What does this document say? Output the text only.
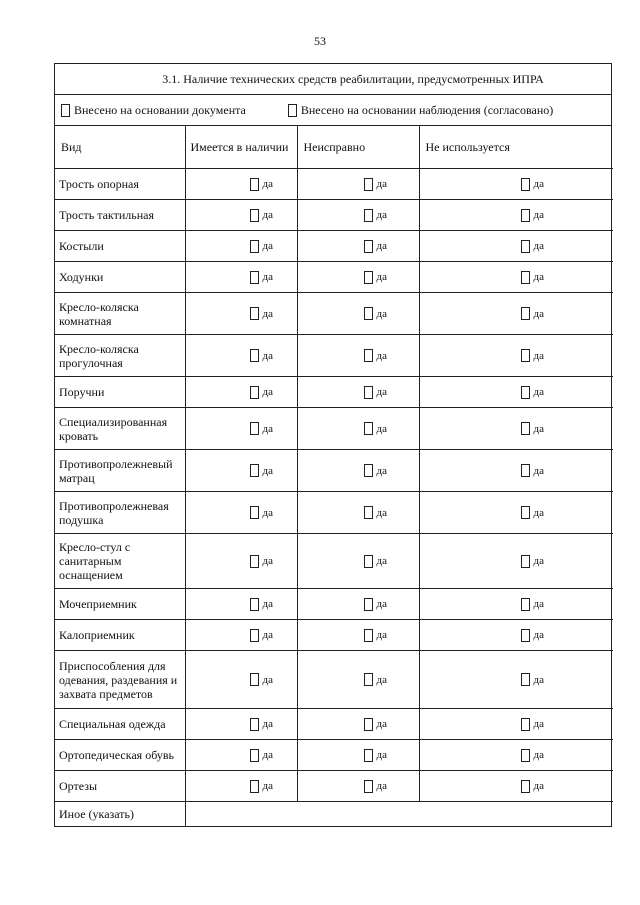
53
3.1. Наличие технических средств реабилитации, предусмотренных ИПРА
Внесено на основании документа	Внесено на основании наблюдения (согласовано)
Вид	Имеется в наличии	Неисправно	Не используется
Трость опорная	да	да	да

Трость тактильная	да	да	да

Костыли	да	да	да

Ходунки	да	да	да

Кресло-коляска комнатная	да	да	да

Кресло-коляска прогулочная	да	да	да

Поручни	да	да	да

Специализированная кровать	да	да	да

Противопролежневый матрац	да	да	да

Противопролежневая подушка	да	да	да

Кресло-стул с санитарным оснащением	да	да	да

Мочеприемник	да	да	да

Калоприемник	да	да	да

Приспособления для одевания, раздевания и захвата предметов	да	да	да

Специальная одежда	да	да	да

Ортопедическая обувь	да	да	да

Ортезы	да	да	да

Иное (указать)			
